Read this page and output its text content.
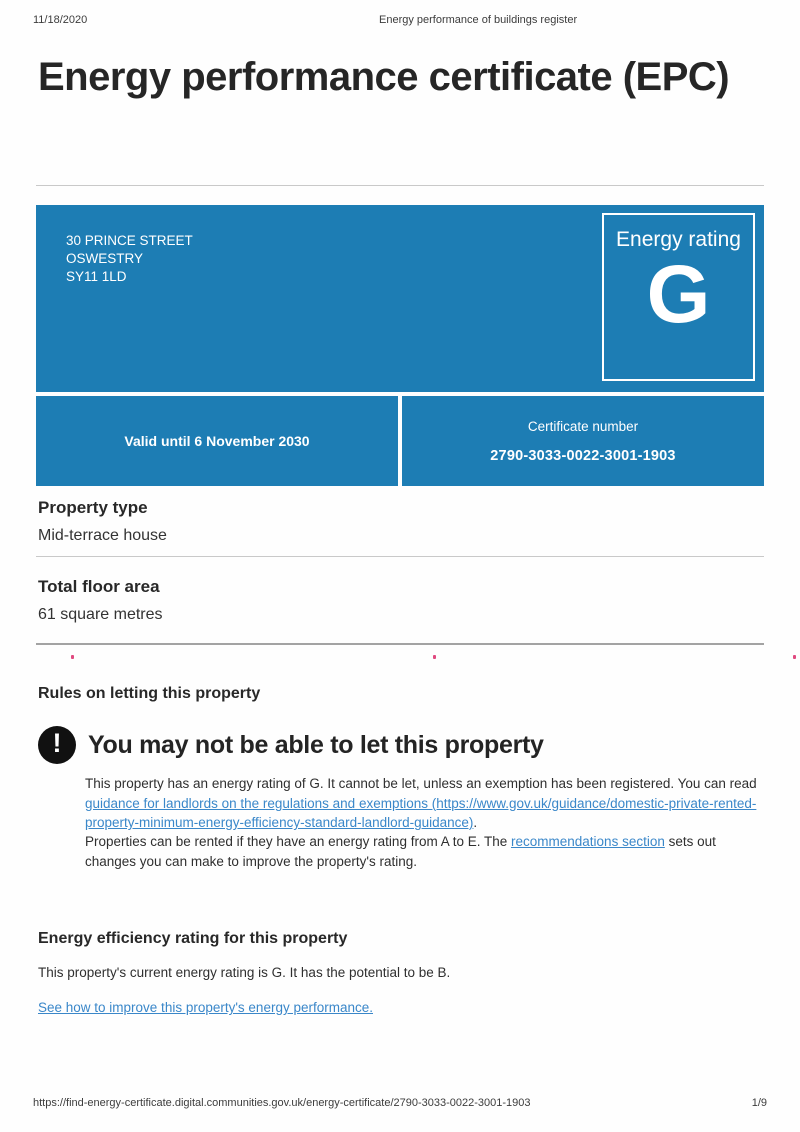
11/18/2020	Energy performance of buildings register
Energy performance certificate (EPC)
30 PRINCE STREET
OSWESTRY
SY11 1LD
Energy rating
G
Valid until 6 November 2030
Certificate number
2790-3033-0022-3001-1903
Property type
Mid-terrace house
Total floor area
61 square metres
Rules on letting this property
! You may not be able to let this property

This property has an energy rating of G. It cannot be let, unless an exemption has been registered. You can read guidance for landlords on the regulations and exemptions (https://www.gov.uk/guidance/domestic-private-rented-property-minimum-energy-efficiency-standard-landlord-guidance).

Properties can be rented if they have an energy rating from A to E. The recommendations section sets out changes you can make to improve the property's rating.

Energy efficiency rating for this property
This property's current energy rating is G. It has the potential to be B.
See how to improve this property's energy performance.
https://find-energy-certificate.digital.communities.gov.uk/energy-certificate/2790-3033-0022-3001-1903	1/9
